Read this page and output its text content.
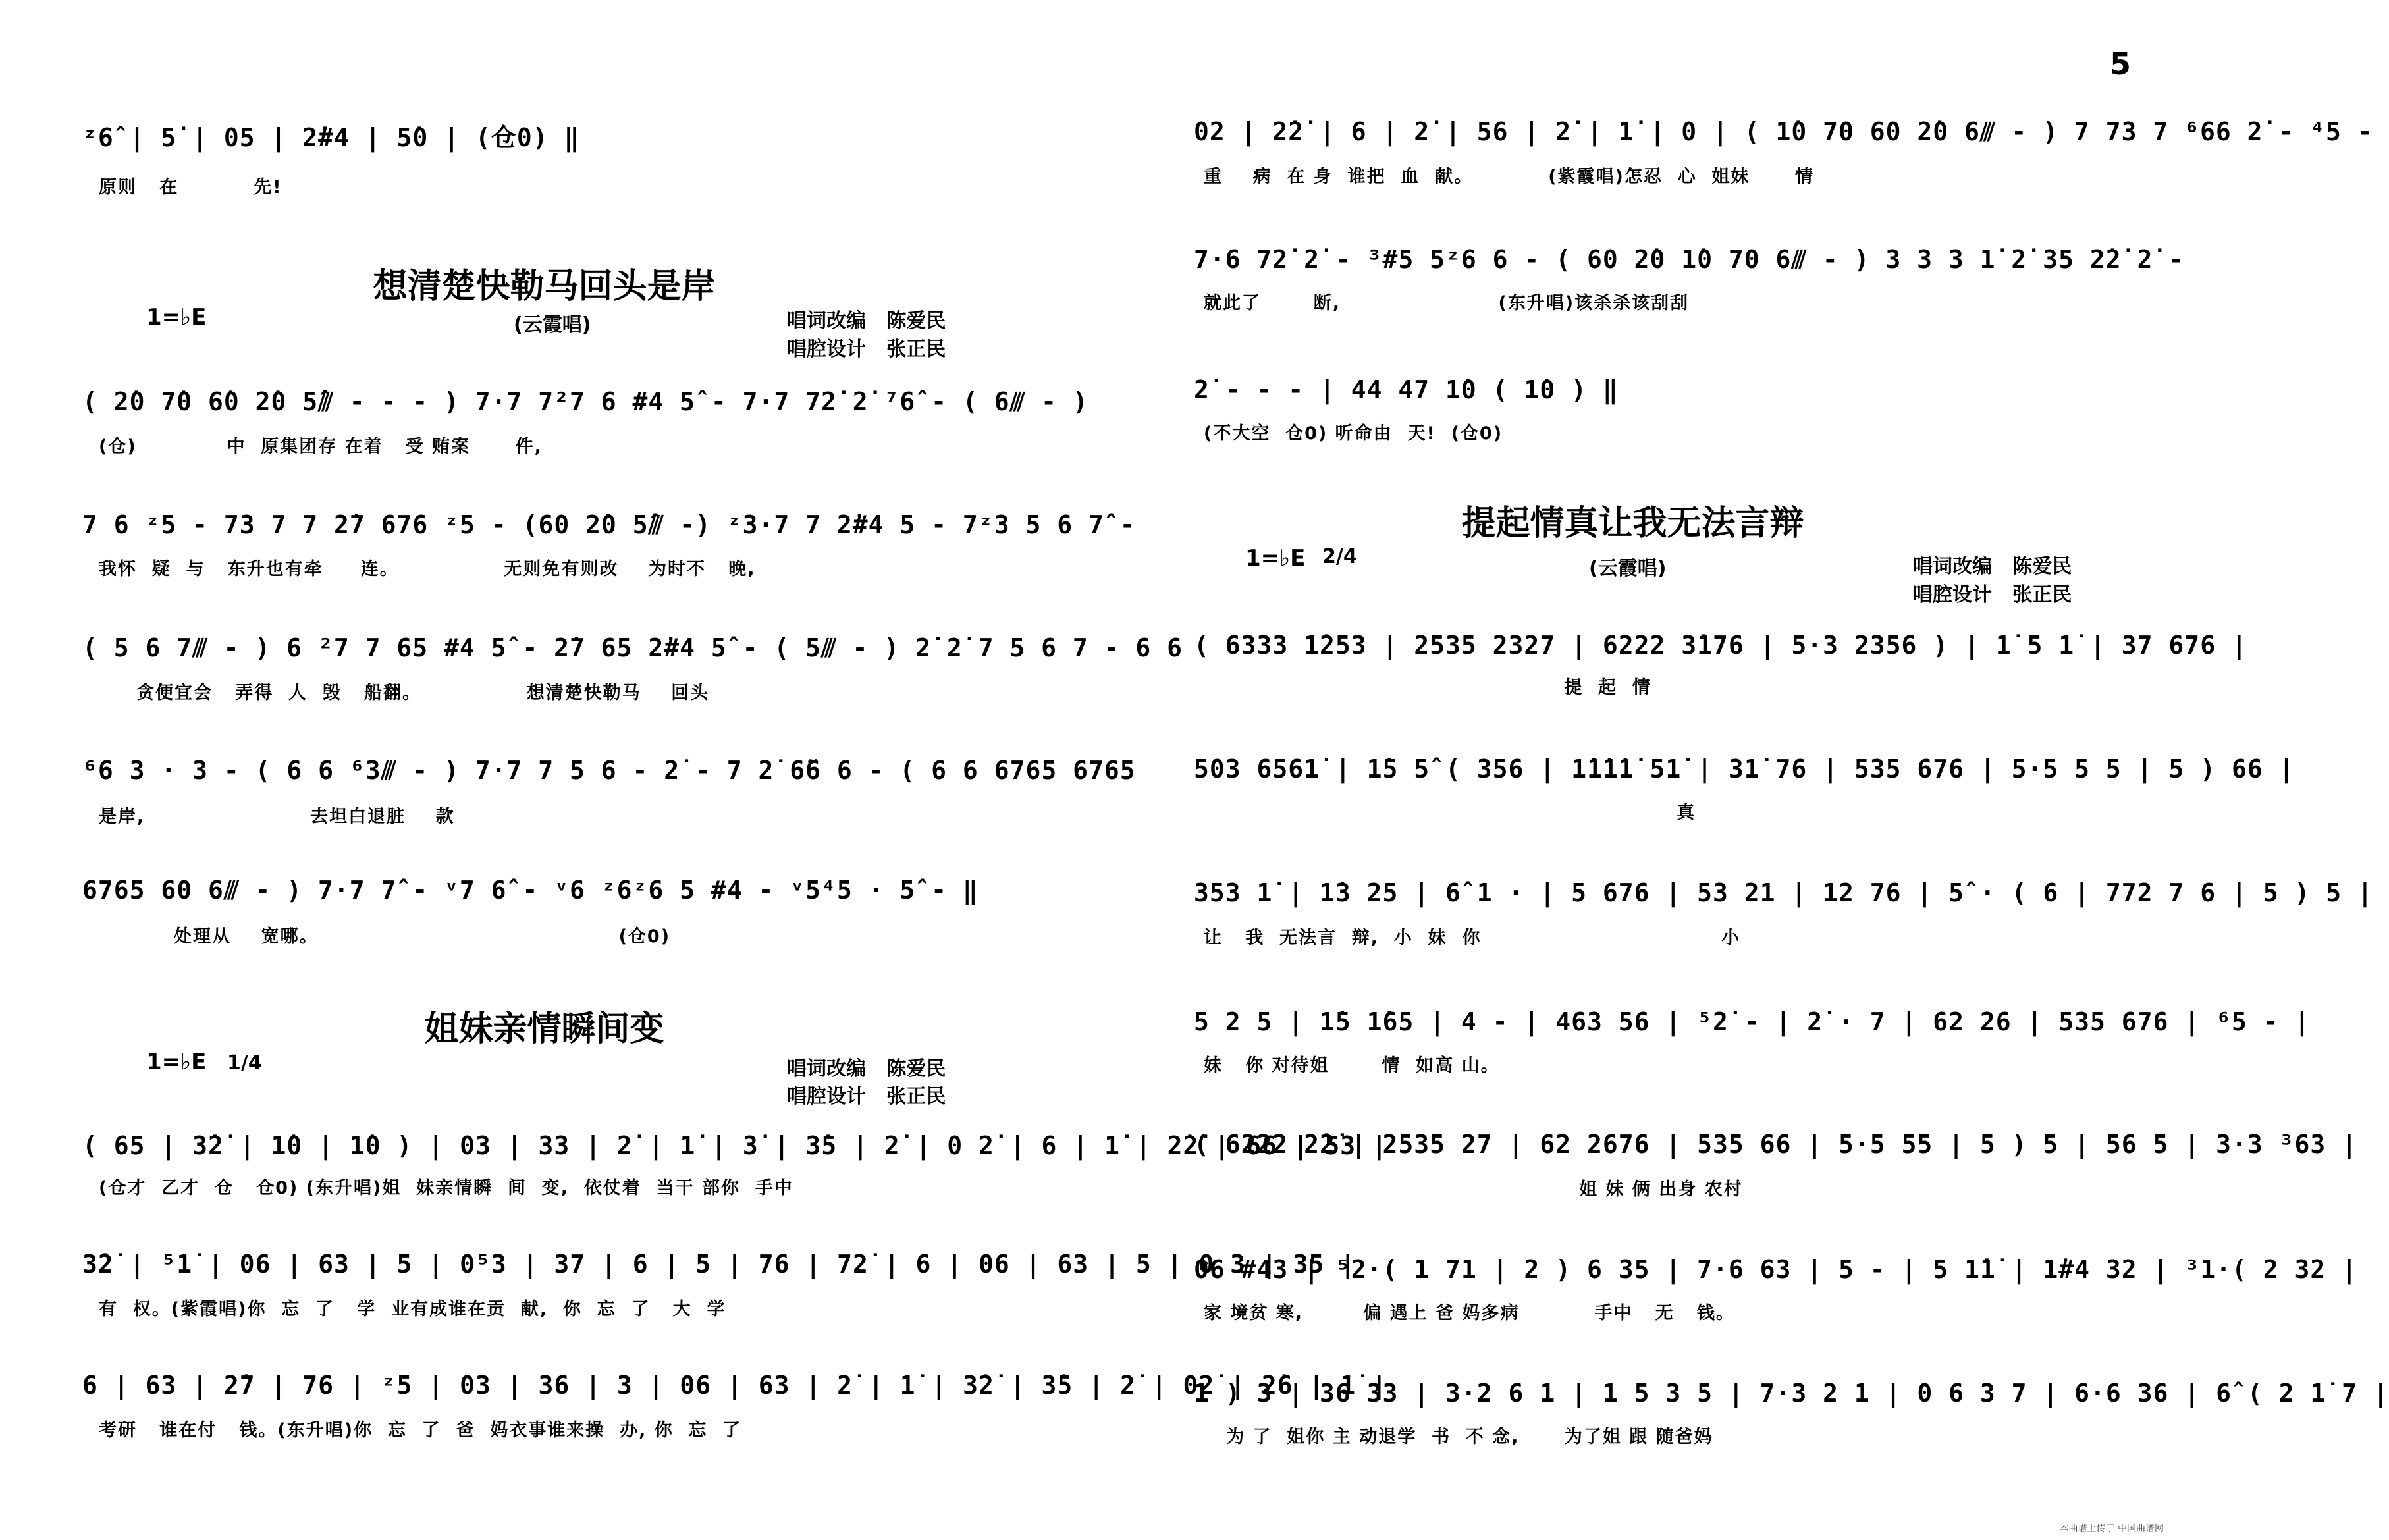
ᶻ6̂ | 5̇ | 05 | 2̇#4 | 5̇0 | (仓0) ‖
原则   在          先!
想清楚快勒马回头是岸
1=♭E	(云霞唱)	唱词改编   陈爱民
唱腔设计   张正民
( 2̇0 7̇0 6̇0 2̇0 5̂⫻ - - - ) 7·7 7²7 6 #4 5̂ - 7·7 72̇ 2̇ ⁷6̂ - ( 6⫻ - )
(仓)            中  原集团存 在着   受 贿案      件,
7 6 ᶻ5 - 73 7 7 2̇7 676 ᶻ5 - (60 2̇0 5̂⫻ -) ᶻ3·7 7 2̇#4 5 - 7ᶻ3 5 6 7̂ -
我怀  疑  与   东升也有牵     连。              无则免有则改    为时不   晚,
( 5 6 7⫻ - ) 6 ²7 7 65 #4 5̂ - 2̇7 65 2̇#4 5̂ - ( 5⫻ - ) 2̇ 2̇ 7 5 6 7 - 6 6
贪便宜会   弄得  人  毁   船翻。              想清楚快勒马    回头
⁶6 3 · 3 - ( 6 6 ⁶3⫻ - ) 7·7 7 5 6 - 2̇ - 7 2̇ 6̃6 6 - ( 6 6 6765 6765
是岸,                      去坦白退脏    款
6765 60 6⫻ - ) 7·7 7̂ - ᵛ7 6̂ - ᵛ6 ᶻ6ᶻ6 5 #4 - ᵛ5⁴5 · 5̂ - ‖
处理从    宽哪。                                        (仓0)
姐妹亲情瞬间变
1=♭E 1/4	唱词改编   陈爱民
唱腔设计   张正民
( 65 | 3̇2̇ | 1̇0 | 1̇0 ) | 03 | 33 | 2̇ | 1̇ | 3̇ | 3̇5 | 2̇ | 0 2̇ | 6 | 1̇ | 2̇2̇ | 66 | 53 |
(仓才  乙才  仓   仓0) (东升唱)姐  妹亲情瞬  间  变,  依仗着  当干 部你  手中
3̇2̇ | ⁵1̇ | 06 | 63 | 5 | 0⁵3 | 37 | 6 | 5 | 76 | 72̇ | 6 | 06 | 63 | 5 | 0 3 | 35 |
有  权。(紫霞唱)你  忘  了   学  业有成谁在贡  献,  你  忘  了   大  学
6 | 63 | 2̇7 | 76 | ᶻ5 | 03 | 36 | 3 | 06 | 63 | 2̇ | 1̇ | 3̇2̇ | 3̇5 | 2̇ | 02̇ | 2̇6 | 1̇ |
考研   谁在付   钱。(东升唱)你  忘  了  爸  妈衣事谁来操  办, 你  忘  了
5
02 | 2̇2̇ | 6 | 2̇ | 56 | 2̇ | 1̇ | 0 | ( 1̇0 70 60 2̇0 6⫻ - ) 7 73 7 ⁶66 2̇ - ⁴5 -
重    病  在 身  谁把  血  献。          (紫霞唱)怎忍  心  姐妹      情
7·6 72̇ 2̇ - ³#5 5ᶻ6 6 - ( 60 2̇0 1̇0 70 6⫻ - ) 3 3 3 1̇ 2̇ 35 2̇2̇ 2̇ -
就此了       断,                     (东升唱)该杀杀该刮刮
2̇ - - - | 44 47 1̇0 ( 1̇0 ) ‖
(不大空  仓0) 听命由  天!  (仓0)
提起情真让我无法言辩
1=♭E 2/4
(云霞唱)	唱词改编   陈爱民
唱腔设计   张正民
( 6333 1̇253 | 2535 2327 | 6222 3̇176 | 5·3 2356 ) | 1̇ 5 1̇ | 37 676 |
提  起  情
503 6561̇ | 1̇5 5̂ ( 356 | 1̇1̇1̇1̇ 51̇ | 31̇ 76 | 535 676 | 5·5 5 5 | 5 ) 66 |
真
353 1̇ | 1̇3 25 | 6̂ 1 · | 5 676 | 53 21 | 12 76 | 5̂ · ( 6 | 772 7 6 | 5 ) 5 |
让   我  无法言  辩,  小  妹  你                                小
5 2 5 | 1̇5 1̇65 | 4 - | 463 56 | ⁵2̇ - | 2̇ · 7 | 62 26 | 535 676 | ⁶5 - |
妹   你 对待姐       情  如高 山。
( 6222 2̇2̇ | 2535 27 | 62 2676 | 535 66 | 5·5 55 | 5 ) 5 | 56 5 | 3·3 ³63 |
姐 妹 俩 出身 农村
06 #43 | ⁵2·( 1 71 | 2 ) 6 35 | 7·6 63 | 5 - | 5 1̇1̇ | 1̇#4 32 | ³1·( 2 32 |
家 境贫 寒,        偏 遇上 爸 妈多病          手中   无   钱。
1 ) 3 | 36 33 | 3·2 6 1 | 1 5 3 5 | 7·3 2 1 | 0 6 3 7 | 6·6 36 | 6̂ ( 2 1̇ 7 |
为 了  姐你 主 动退学  书  不 念,      为了姐 跟 随爸妈
本曲谱上传于 中国曲谱网
